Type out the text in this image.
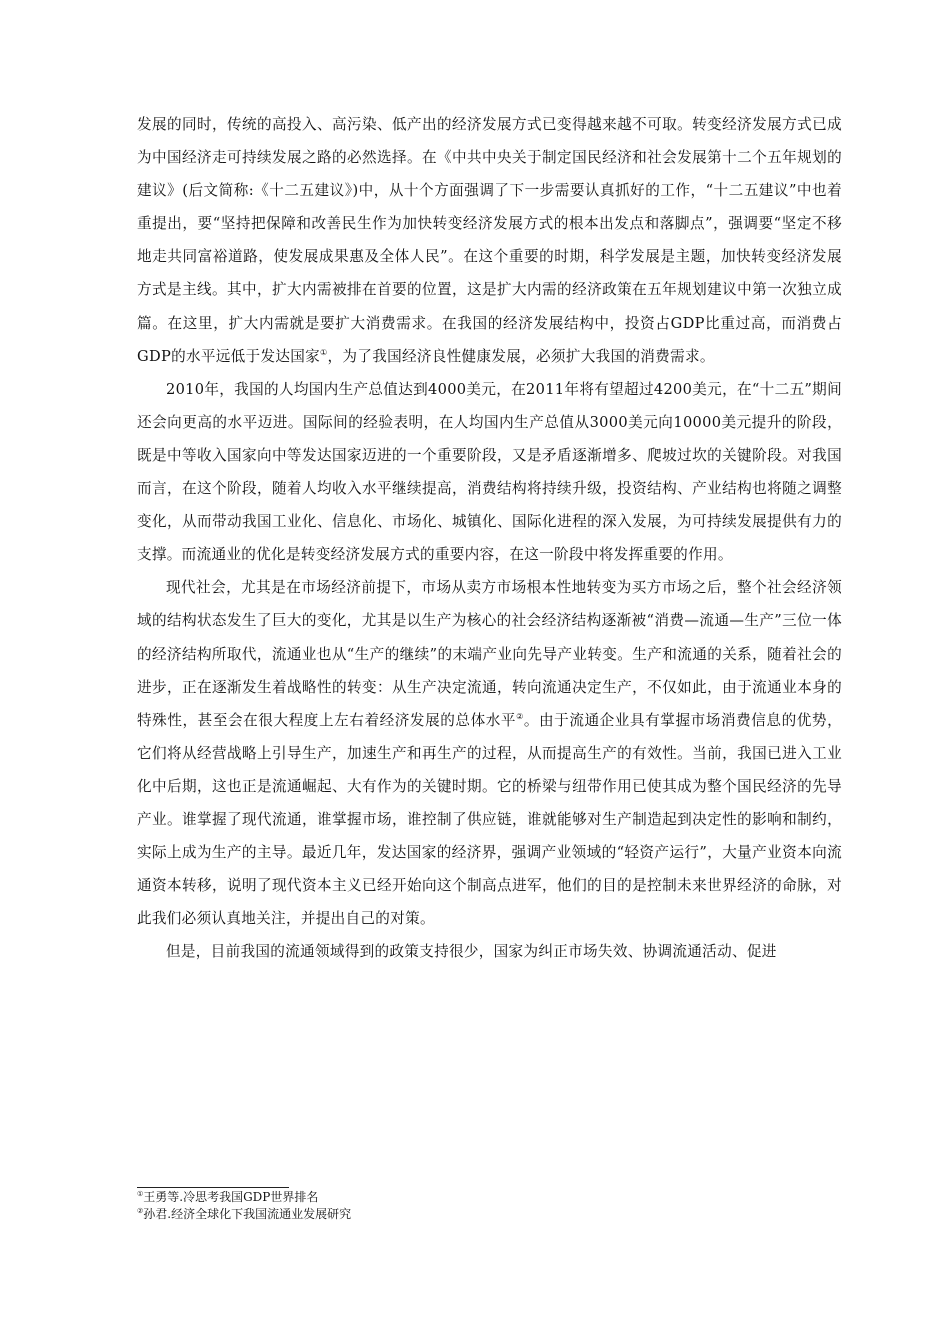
发展的同时，传统的高投入、高污染、低产出的经济发展方式已变得越来越不可取。转变经济发展方式已成为中国经济走可持续发展之路的必然选择。在《中共中央关于制定国民经济和社会发展第十二个五年规划的建议》(后文简称:《十二五建议》)中，从十个方面强调了下一步需要认真抓好的工作，“十二五建议”中也着重提出，要“坚持把保障和改善民生作为加快转变经济发展方式的根本出发点和落脚点”，强调要“坚定不移地走共同富裕道路，使发展成果惠及全体人民”。在这个重要的时期，科学发展是主题，加快转变经济发展方式是主线。其中，扩大内需被排在首要的位置，这是扩大内需的经济政策在五年规划建议中第一次独立成篇。在这里，扩大内需就是要扩大消费需求。在我国的经济发展结构中，投资占GDP比重过高，而消费占GDP的水平远低于发达国家①，为了我国经济良性健康发展，必须扩大我国的消费需求。

2010年，我国的人均国内生产总值达到4000美元，在2011年将有望超过4200美元，在“十二五”期间还会向更高的水平迈进。国际间的经验表明，在人均国内生产总值从3000美元向10000美元提升的阶段，既是中等收入国家向中等发达国家迈进的一个重要阶段，又是矛盾逐渐增多、爬坡过坎的关键阶段。对我国而言，在这个阶段，随着人均收入水平继续提高，消费结构将持续升级，投资结构、产业结构也将随之调整变化，从而带动我国工业化、信息化、市场化、城镇化、国际化进程的深入发展，为可持续发展提供有力的支撑。而流通业的优化是转变经济发展方式的重要内容，在这一阶段中将发挥重要的作用。

现代社会，尤其是在市场经济前提下，市场从卖方市场根本性地转变为买方市场之后，整个社会经济领域的结构状态发生了巨大的变化，尤其是以生产为核心的社会经济结构逐渐被“消费—流通—生产”三位一体的经济结构所取代，流通业也从“生产的继续”的末端产业向先导产业转变。生产和流通的关系，随着社会的进步，正在逐渐发生着战略性的转变：从生产决定流通，转向流通决定生产，不仅如此，由于流通业本身的特殊性，甚至会在很大程度上左右着经济发展的总体水平②。由于流通企业具有掌握市场消费信息的优势，它们将从经营战略上引导生产，加速生产和再生产的过程，从而提高生产的有效性。当前，我国已进入工业化中后期，这也正是流通崛起、大有作为的关键时期。它的桥梁与纽带作用已使其成为整个国民经济的先导产业。谁掌握了现代流通，谁掌握市场，谁控制了供应链，谁就能够对生产制造起到决定性的影响和制约，实际上成为生产的主导。最近几年，发达国家的经济界，强调产业领域的“轻资产运行”，大量产业资本向流通资本转移，说明了现代资本主义已经开始向这个制高点进军，他们的目的是控制未来世界经济的命脉，对此我们必须认真地关注，并提出自己的对策。

但是，目前我国的流通领域得到的政策支持很少，国家为纠正市场失效、协调流通活动、促进

①王勇等.冷思考我国GDP世界排名

②孙君.经济全球化下我国流通业发展研究
